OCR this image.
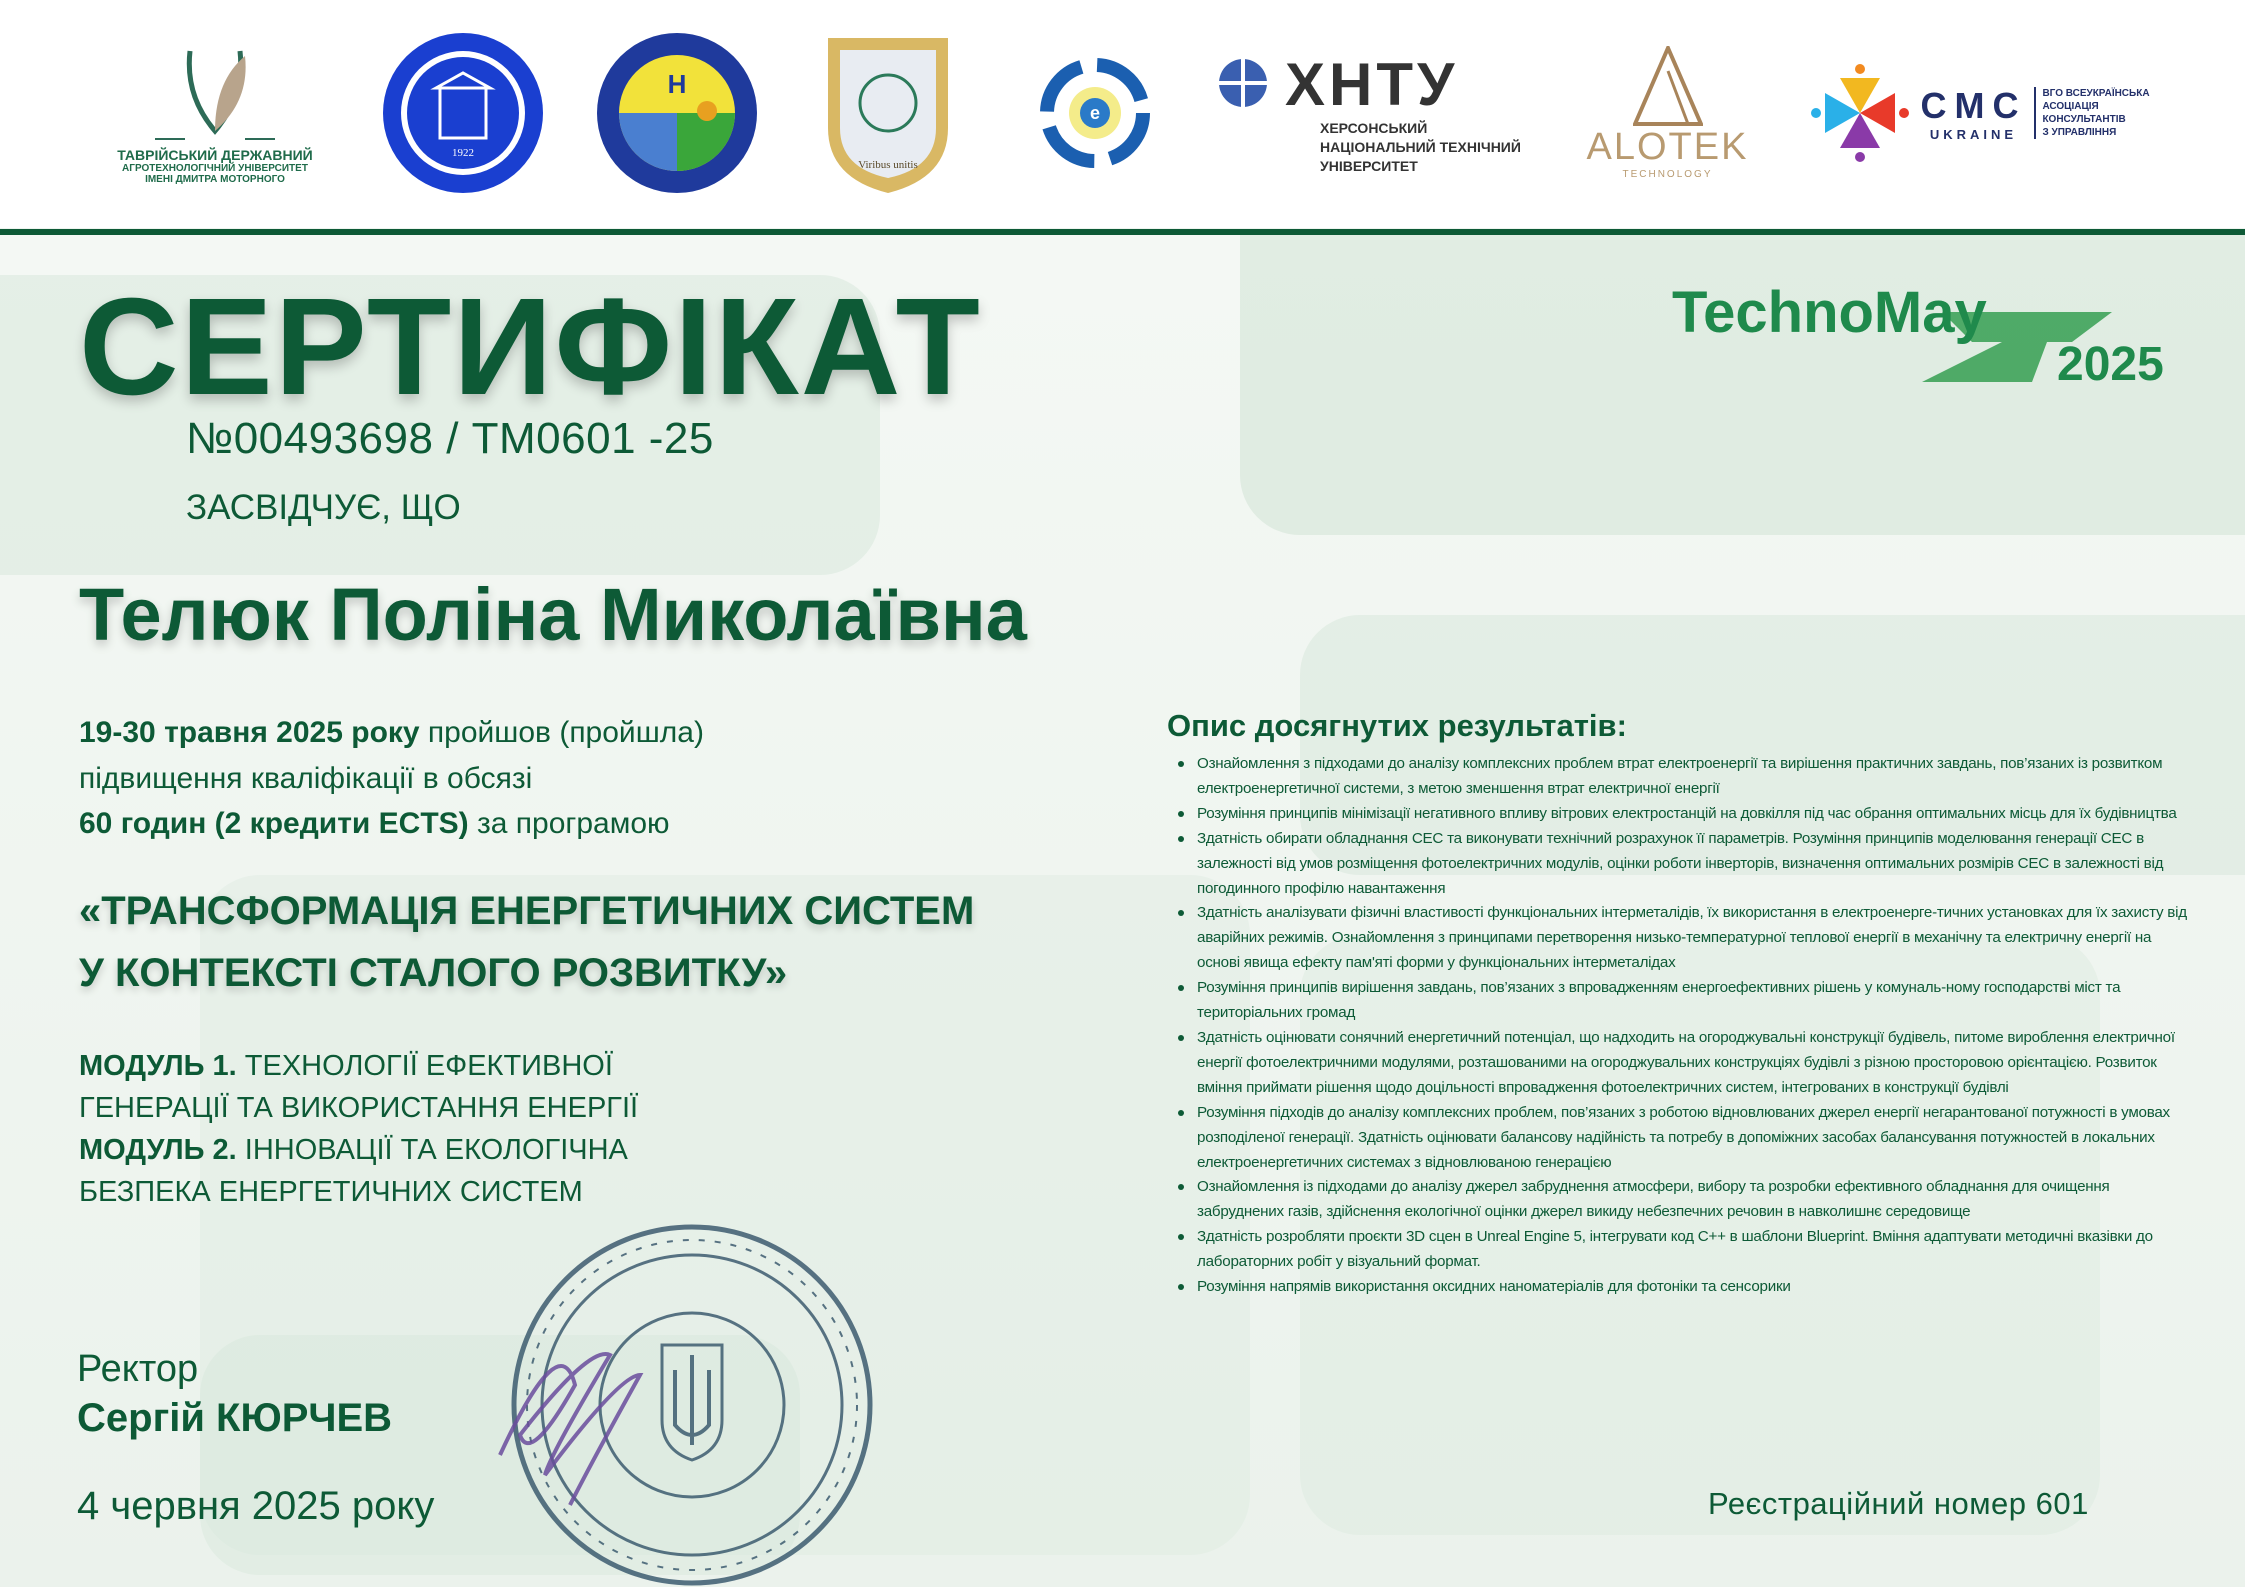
ТАВРІЙСЬКИЙ ДЕРЖАВНИЙ
АГРОТЕХНОЛОГІЧНИЙ УНІВЕРСИТЕТ
ІМЕНІ ДМИТРА МОТОРНОГО
1922
H
Viribus unitis
e	ХНТУ
ХЕРСОНСЬКИЙ
НАЦІОНАЛЬНИЙ ТЕХНІЧНИЙ
УНІВЕРСИТЕТ	ALOTEK
TECHNOLOGY
CMC
UKRAINE
ВГО ВСЕУКРАЇНСЬКА
АСОЦІАЦІЯ
КОНСУЛЬТАНТІВ
З УПРАВЛІННЯ
TechnoMay
2025
СЕРТИФІКАТ
№00493698 / ТМ0601 -25
ЗАСВІДЧУЄ, ЩО
Телюк Поліна Миколаївна
19-30 травня 2025 року пройшов (пройшла)
підвищення кваліфікації в обсязі
60 годин (2 кредити ECTS) за програмою
«ТРАНСФОРМАЦІЯ ЕНЕРГЕТИЧНИХ СИСТЕМ
У КОНТЕКСТІ СТАЛОГО РОЗВИТКУ»
МОДУЛЬ 1. ТЕХНОЛОГІЇ ЕФЕКТИВНОЇ
ГЕНЕРАЦІЇ ТА ВИКОРИСТАННЯ ЕНЕРГІЇ
МОДУЛЬ 2. ІННОВАЦІЇ ТА ЕКОЛОГІЧНА
БЕЗПЕКА ЕНЕРГЕТИЧНИХ СИСТЕМ
Ректор
Сергій КЮРЧЕВ
4 червня 2025 року
Опис досягнутих результатів:
Ознайомлення з підходами до аналізу комплексних проблем втрат електроенергії та вирішення практичних завдань, пов’язаних із розвитком електроенергетичної системи, з метою зменшення втрат електричної енергії
Розуміння принципів мінімізації негативного впливу вітрових електростанцій на довкілля під час обрання оптимальних місць для їх будівництва
Здатність обирати обладнання СЕС та виконувати технічний розрахунок її параметрів. Розуміння принципів моделювання генерації СЕС в залежності від умов розміщення фотоелектричних модулів, оцінки роботи інверторів, визначення оптимальних розмірів СЕС в залежності від погодинного профілю навантаження
Здатність аналізувати фізичні властивості функціональних інтерметалідів, їх використання в електроенерге-тичних установках для їх захисту від аварійних режимів. Ознайомлення з принципами перетворення низько-температурної теплової енергії в механічну та електричну енергії на основі явища ефекту пам'яті форми у функціональних інтерметалідах
Розуміння принципів вирішення завдань, пов’язаних з впровадженням енергоефективних рішень у комуналь-ному господарстві міст та територіальних громад
Здатність оцінювати сонячний енергетичний потенціал, що надходить на огороджувальні конструкції будівель, питоме вироблення електричної енергії фотоелектричними модулями, розташованими на огороджувальних конструкціях будівлі з різною просторовою орієнтацією. Розвиток вміння приймати рішення щодо доцільності впровадження фотоелектричних систем, інтегрованих в конструкції будівлі
Розуміння підходів до аналізу комплексних проблем, пов’язаних з роботою відновлюваних джерел енергії негарантованої потужності в умовах розподіленої генерації. Здатність оцінювати балансову надійність та потребу в допоміжних засобах балансування потужностей в локальних електроенергетичних системах з відновлюваною генерацією
Ознайомлення із підходами до аналізу джерел забруднення атмосфери, вибору та розробки ефективного обладнання для очищення забруднених газів, здійснення екологічної оцінки джерел викиду небезпечних речовин в навколишнє середовище
Здатність розробляти проєкти 3D сцен в Unreal Engine 5, інтегрувати код C++ в шаблони Blueprint. Вміння адаптувати методичні вказівки до лабораторних робіт у візуальний формат.
Розуміння напрямів використання оксидних наноматеріалів для фотоніки та сенсорики
Реєстраційний номер 601
